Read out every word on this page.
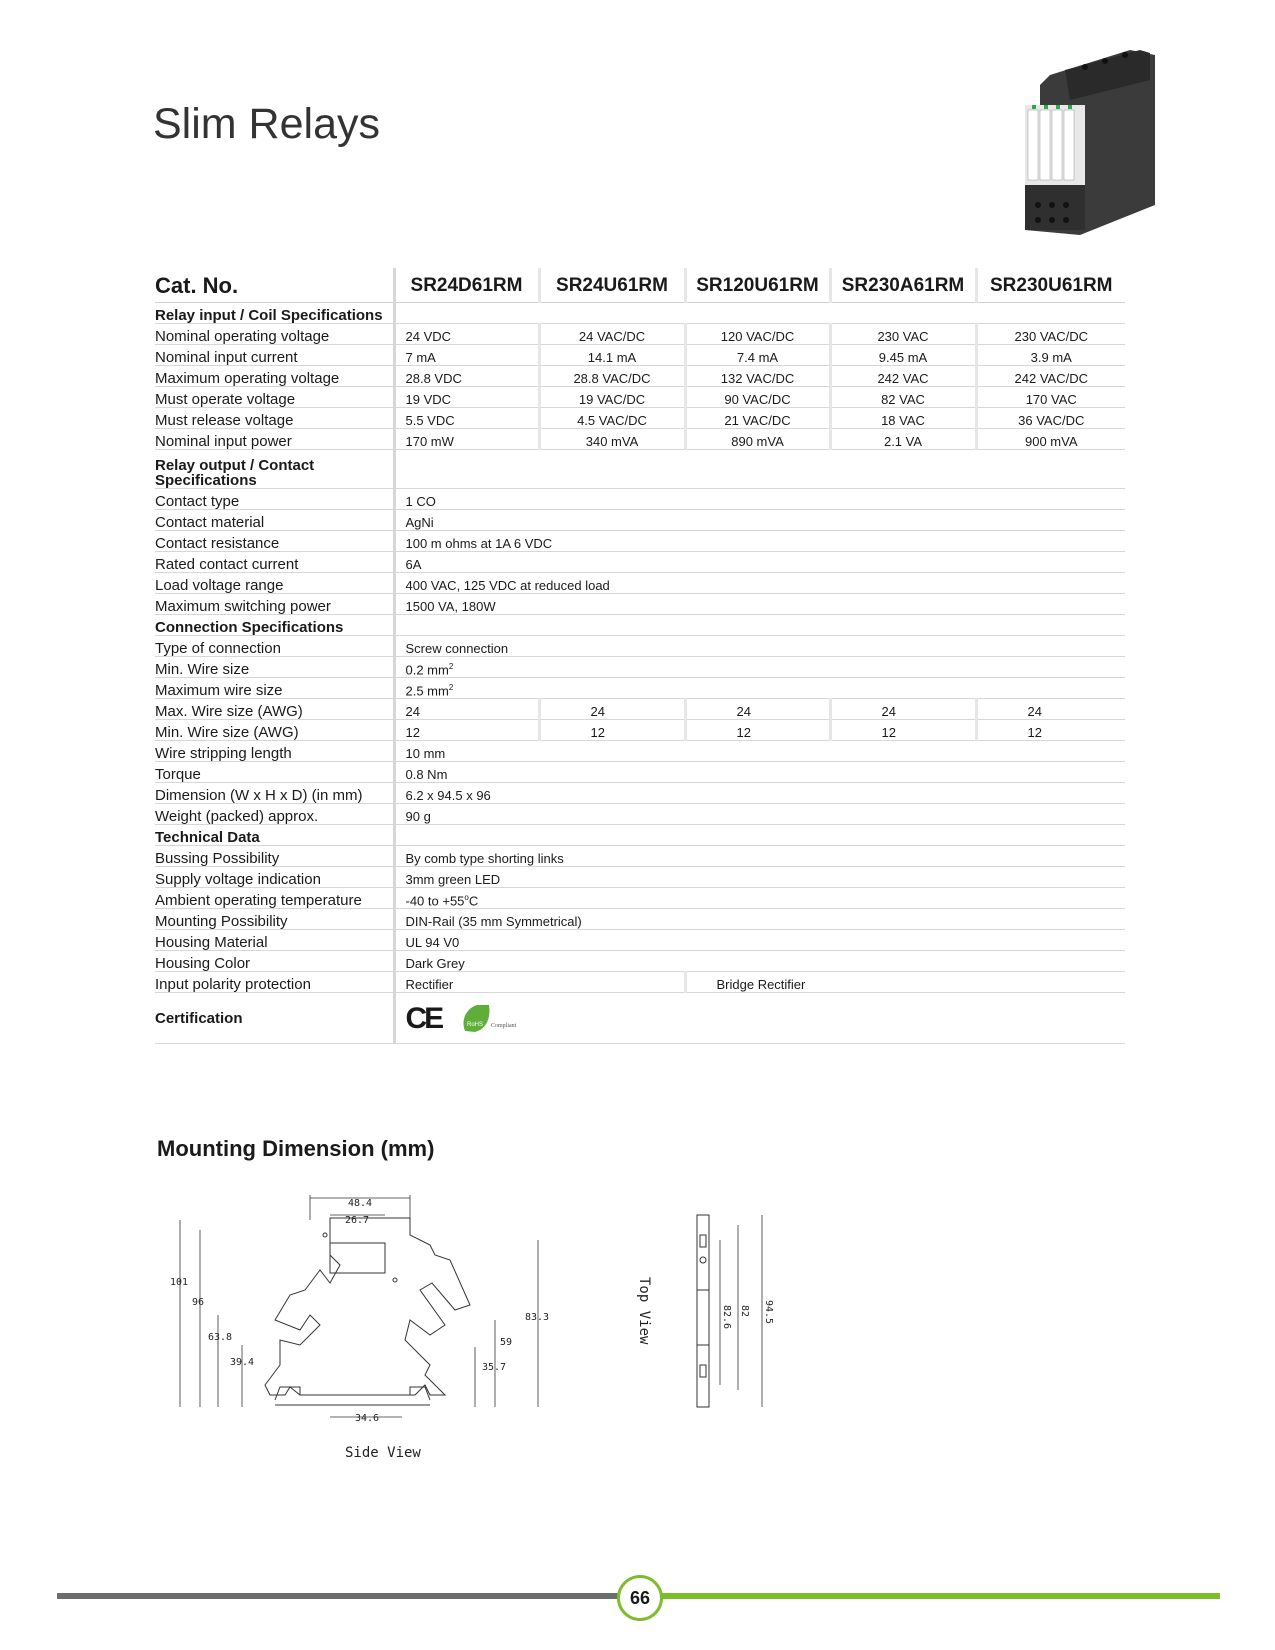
Slim Relays
Cat. No.	SR24D61RM	SR24U61RM	SR120U61RM	SR230A61RM	SR230U61RM
Relay input / Coil Specifications					
Nominal operating voltage	24 VDC	24 VAC/DC	120 VAC/DC	230 VAC	230 VAC/DC
Nominal input current	7 mA	14.1 mA	7.4 mA	9.45 mA	3.9 mA
Maximum operating voltage	28.8 VDC	28.8 VAC/DC	132 VAC/DC	242 VAC	242 VAC/DC
Must operate voltage	19 VDC	19 VAC/DC	90 VAC/DC	82 VAC	170 VAC
Must release voltage	5.5 VDC	4.5 VAC/DC	21 VAC/DC	18 VAC	36 VAC/DC
Nominal input power	170 mW	340 mVA	890 mVA	2.1 VA	900 mVA
Relay output / Contact Specifications					
Contact type	1 CO				
Contact material	AgNi				
Contact resistance	100 m ohms at 1A 6 VDC				
Rated contact current	6A				
Load voltage range	400 VAC, 125 VDC at reduced load				
Maximum switching power	1500 VA, 180W				
Connection Specifications					
Type of connection	Screw connection				
Min. Wire size	0.2 $mm^2$
Maximum wire size	2.5 $mm^2$
Max. Wire size (AWG)	24	24	24	24	24
Min. Wire size (AWG)	12	12	12	12	12
Wire stripping length	10 mm				
Torque	0.8 Nm				
Dimension (W x H x D) (in mm)	6.2 x 94.5 x 96				
Weight (packed) approx.	90 g				
Technical Data					
Bussing Possibility	By comb type shorting links				
Supply voltage indication	3mm green LED				
Ambient operating temperature	-40 to $+55^oC$				
Mounting Possibility	DIN-Rail (35 mm Symmetrical)				
Housing Material	UL 94 V0				
Housing Color	Dark Grey				
Input polarity protection	Rectifier		Bridge Rectifier		
Certification	CE RoHS Compliant				
Mounting Dimension (mm)
48.4
26.7
101
96
63.8
39.4
83.3
59
35.7
34.6
Side View
82.6 82 94.5
Top View
66
